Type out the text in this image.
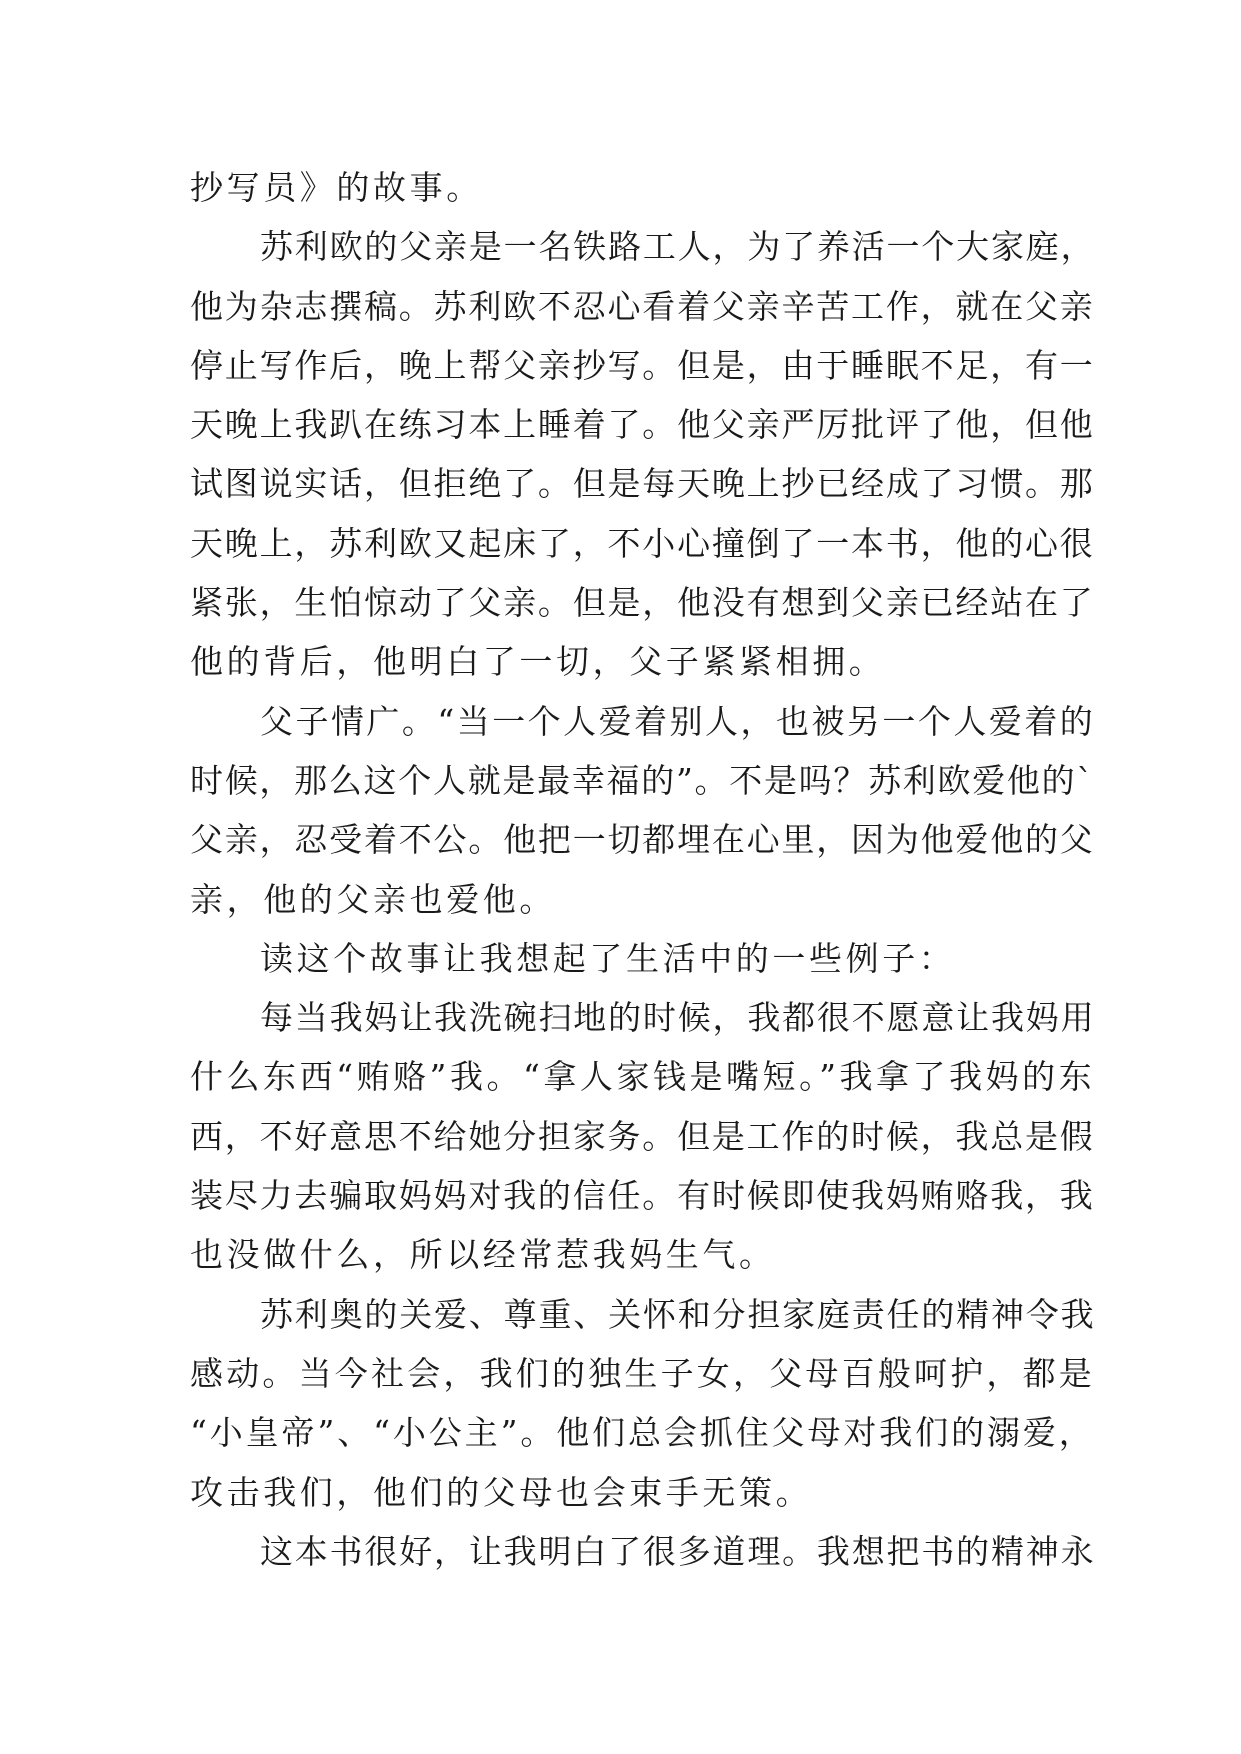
抄写员》的故事。
苏利欧的父亲是一名铁路工人，为了养活一个大家庭，
他为杂志撰稿。苏利欧不忍心看着父亲辛苦工作，就在父亲
停止写作后，晚上帮父亲抄写。但是，由于睡眠不足，有一
天晚上我趴在练习本上睡着了。他父亲严厉批评了他，但他
试图说实话，但拒绝了。但是每天晚上抄已经成了习惯。那
天晚上，苏利欧又起床了，不小心撞倒了一本书，他的心很
紧张，生怕惊动了父亲。但是，他没有想到父亲已经站在了
他的背后，他明白了一切，父子紧紧相拥。
父子情广。“当一个人爱着别人，也被另一个人爱着的
时候，那么这个人就是最幸福的”。不是吗？苏利欧爱他的`
父亲，忍受着不公。他把一切都埋在心里，因为他爱他的父
亲，他的父亲也爱他。
读这个故事让我想起了生活中的一些例子：
每当我妈让我洗碗扫地的时候，我都很不愿意让我妈用
什么东西“贿赂”我。“拿人家钱是嘴短。”我拿了我妈的东
西，不好意思不给她分担家务。但是工作的时候，我总是假
装尽力去骗取妈妈对我的信任。有时候即使我妈贿赂我，我
也没做什么，所以经常惹我妈生气。
苏利奥的关爱、尊重、关怀和分担家庭责任的精神令我
感动。当今社会，我们的独生子女，父母百般呵护，都是
“小皇帝”、“小公主”。他们总会抓住父母对我们的溺爱，
攻击我们，他们的父母也会束手无策。
这本书很好，让我明白了很多道理。我想把书的精神永
